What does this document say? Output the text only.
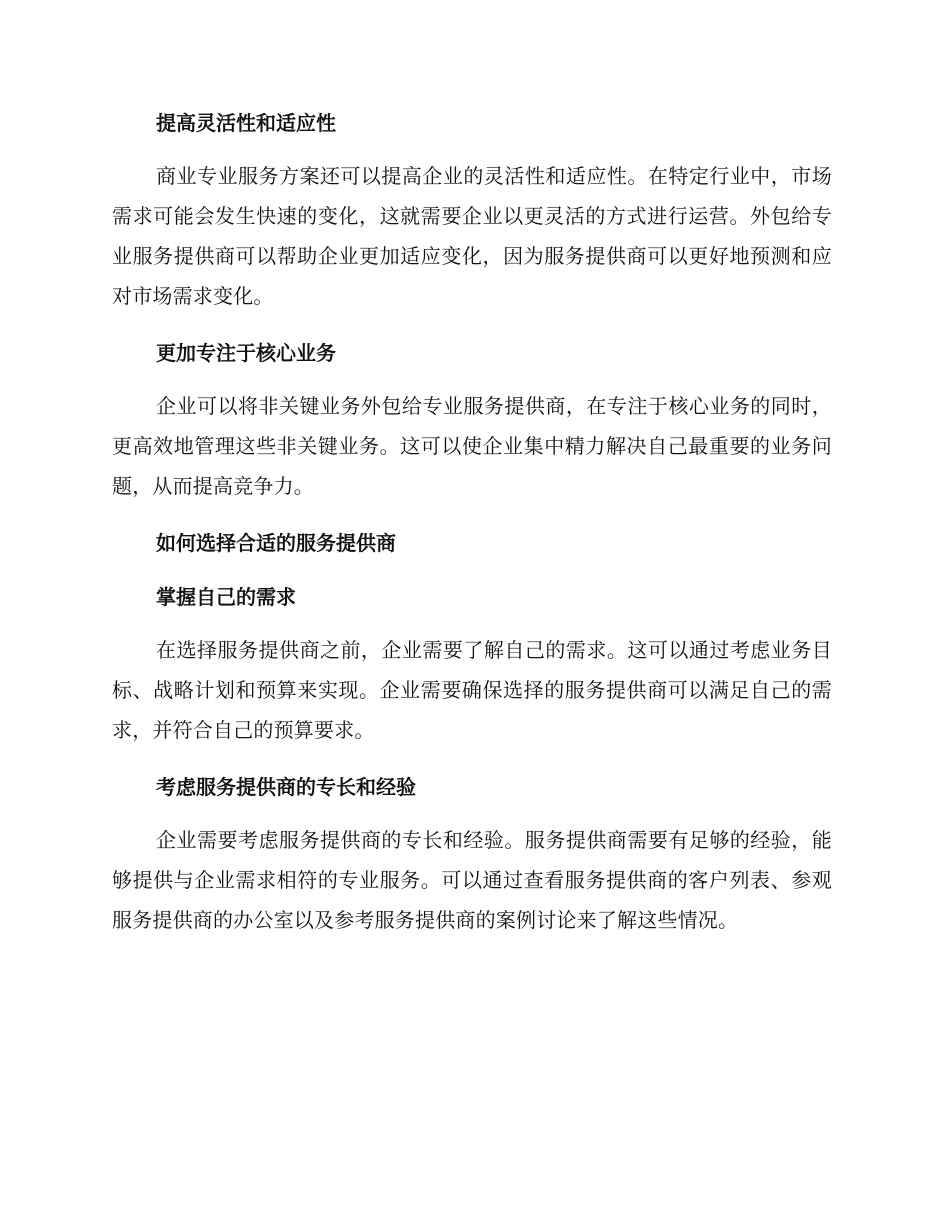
提高灵活性和适应性

商业专业服务方案还可以提高企业的灵活性和适应性。在特定行业中，市场需求可能会发生快速的变化，这就需要企业以更灵活的方式进行运营。外包给专业服务提供商可以帮助企业更加适应变化，因为服务提供商可以更好地预测和应对市场需求变化。

更加专注于核心业务

企业可以将非关键业务外包给专业服务提供商，在专注于核心业务的同时，更高效地管理这些非关键业务。这可以使企业集中精力解决自己最重要的业务问题，从而提高竞争力。

如何选择合适的服务提供商
掌握自己的需求

在选择服务提供商之前，企业需要了解自己的需求。这可以通过考虑业务目标、战略计划和预算来实现。企业需要确保选择的服务提供商可以满足自己的需求，并符合自己的预算要求。

考虑服务提供商的专长和经验

企业需要考虑服务提供商的专长和经验。服务提供商需要有足够的经验，能够提供与企业需求相符的专业服务。可以通过查看服务提供商的客户列表、参观服务提供商的办公室以及参考服务提供商的案例讨论来了解这些情况。
